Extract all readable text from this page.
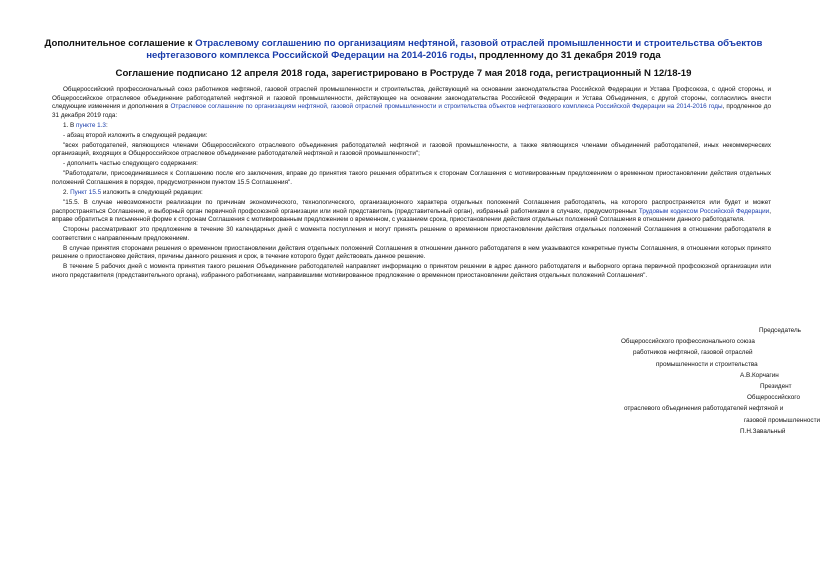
Дополнительное соглашение к Отраслевому соглашению по организациям нефтяной, газовой отраслей промышленности и строительства объектов нефтегазового комплекса Российской Федерации на 2014-2016 годы, продленному до 31 декабря 2019 года
Соглашение подписано 12 апреля 2018 года, зарегистрировано в Роструде 7 мая 2018 года, регистрационный N 12/18-19

Общероссийский профессиональный союз работников нефтяной, газовой отраслей промышленности и строительства, действующий на основании законодательства Российской Федерации и Устава Профсоюза, с одной стороны, и Общероссийское отраслевое объединение работодателей нефтяной и газовой промышленности, действующее на основании законодательства Российской Федерации и Устава Объединения, с другой стороны, согласились внести следующие изменения и дополнения в Отраслевое соглашение по организациям нефтяной, газовой отраслей промышленности и строительства объектов нефтегазового комплекса Российской Федерации на 2014-2016 годы, продленное до 31 декабря 2019 года:

1. В пункте 1.3:

- абзац второй изложить в следующей редакции:

"всех работодателей, являющихся членами Общероссийского отраслевого объединения работодателей нефтяной и газовой промышленности, а также являющихся членами объединений работодателей, иных некоммерческих организаций, входящих в Общероссийское отраслевое объединение работодателей нефтяной и газовой промышленности";

- дополнить частью следующего содержания:

"Работодатели, присоединившиеся к Соглашению после его заключения, вправе до принятия такого решения обратиться к сторонам Соглашения с мотивированным предложением о временном приостановлении действия отдельных положений Соглашения в порядке, предусмотренном пунктом 15.5 Соглашения".

2. Пункт 15.5 изложить в следующей редакции:

"15.5. В случае невозможности реализации по причинам экономического, технологического, организационного характера отдельных положений Соглашения работодатель, на которого распространяется или будет и может распространяться Соглашение, и выборный орган первичной профсоюзной организации или иной представитель (представительный орган), избранный работниками в случаях, предусмотренных Трудовым кодексом Российской Федерации, вправе обратиться в письменной форме к сторонам Соглашения с мотивированным предложением о временном, с указанием срока, приостановлении действия отдельных положений Соглашения в отношении данного работодателя.

Стороны рассматривают это предложение в течение 30 календарных дней с момента поступления и могут принять решение о временном приостановлении действия отдельных положений Соглашения в отношении работодателя в соответствии с направленным предложением.

В случае принятия сторонами решения о временном приостановлении действия отдельных положений Соглашения в отношении данного работодателя в нем указываются конкретные пункты Соглашения, в отношении которых принято решение о приостановке действия, причины данного решения и срок, в течение которого будет действовать данное решение.

В течение 5 рабочих дней с момента принятия такого решения Объединение работодателей направляет информацию о принятом решении в адрес данного работодателя и выборного органа первичной профсоюзной организации или иного представителя (представительного органа), избранного работниками, направившими мотивированное предложение о временном приостановлении действия отдельных положений Соглашения".

Председатель
Общероссийского профессионального союза
работников нефтяной, газовой отраслей
промышленности и строительства
А.В.Корчагин
Президент
Общероссийского
отраслевого объединения работодателей нефтяной и
газовой промышленности
П.Н.Завальный
